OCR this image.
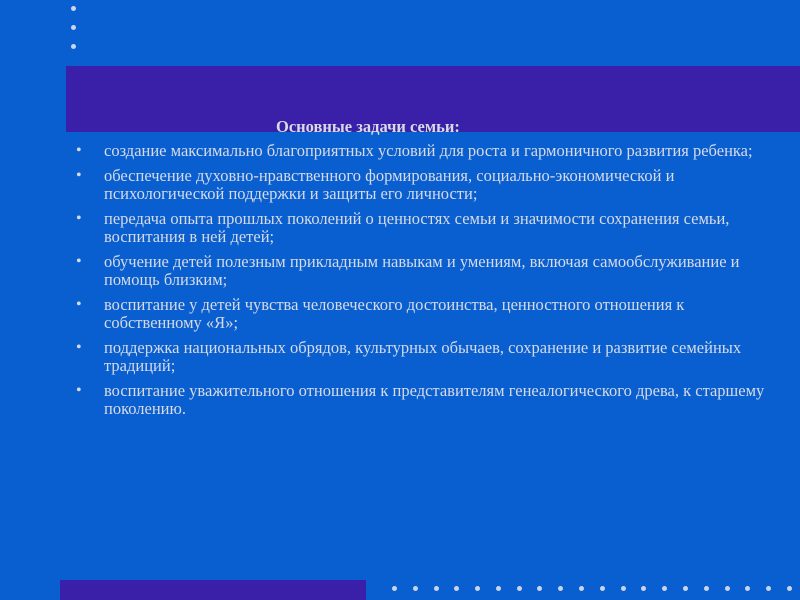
Основные задачи семьи:
• создание максимально благоприятных условий для роста и гармоничного развития ребенка;
• обеспечение духовно-нравственного формирования, социально-экономической и психологической поддержки и защиты его личности;
• передача опыта прошлых поколений о ценностях семьи и значимости сохранения семьи, воспитания в ней детей;
• обучение детей полезным прикладным навыкам и умениям, включая самообслуживание и помощь близким;
• воспитание у детей чувства человеческого достоинства, ценностного отношения к собственному «Я»;
• поддержка национальных обрядов, культурных обычаев, сохранение и развитие семейных традиций;
• воспитание уважительного отношения к представителям генеалогического древа, к старшему поколению.
